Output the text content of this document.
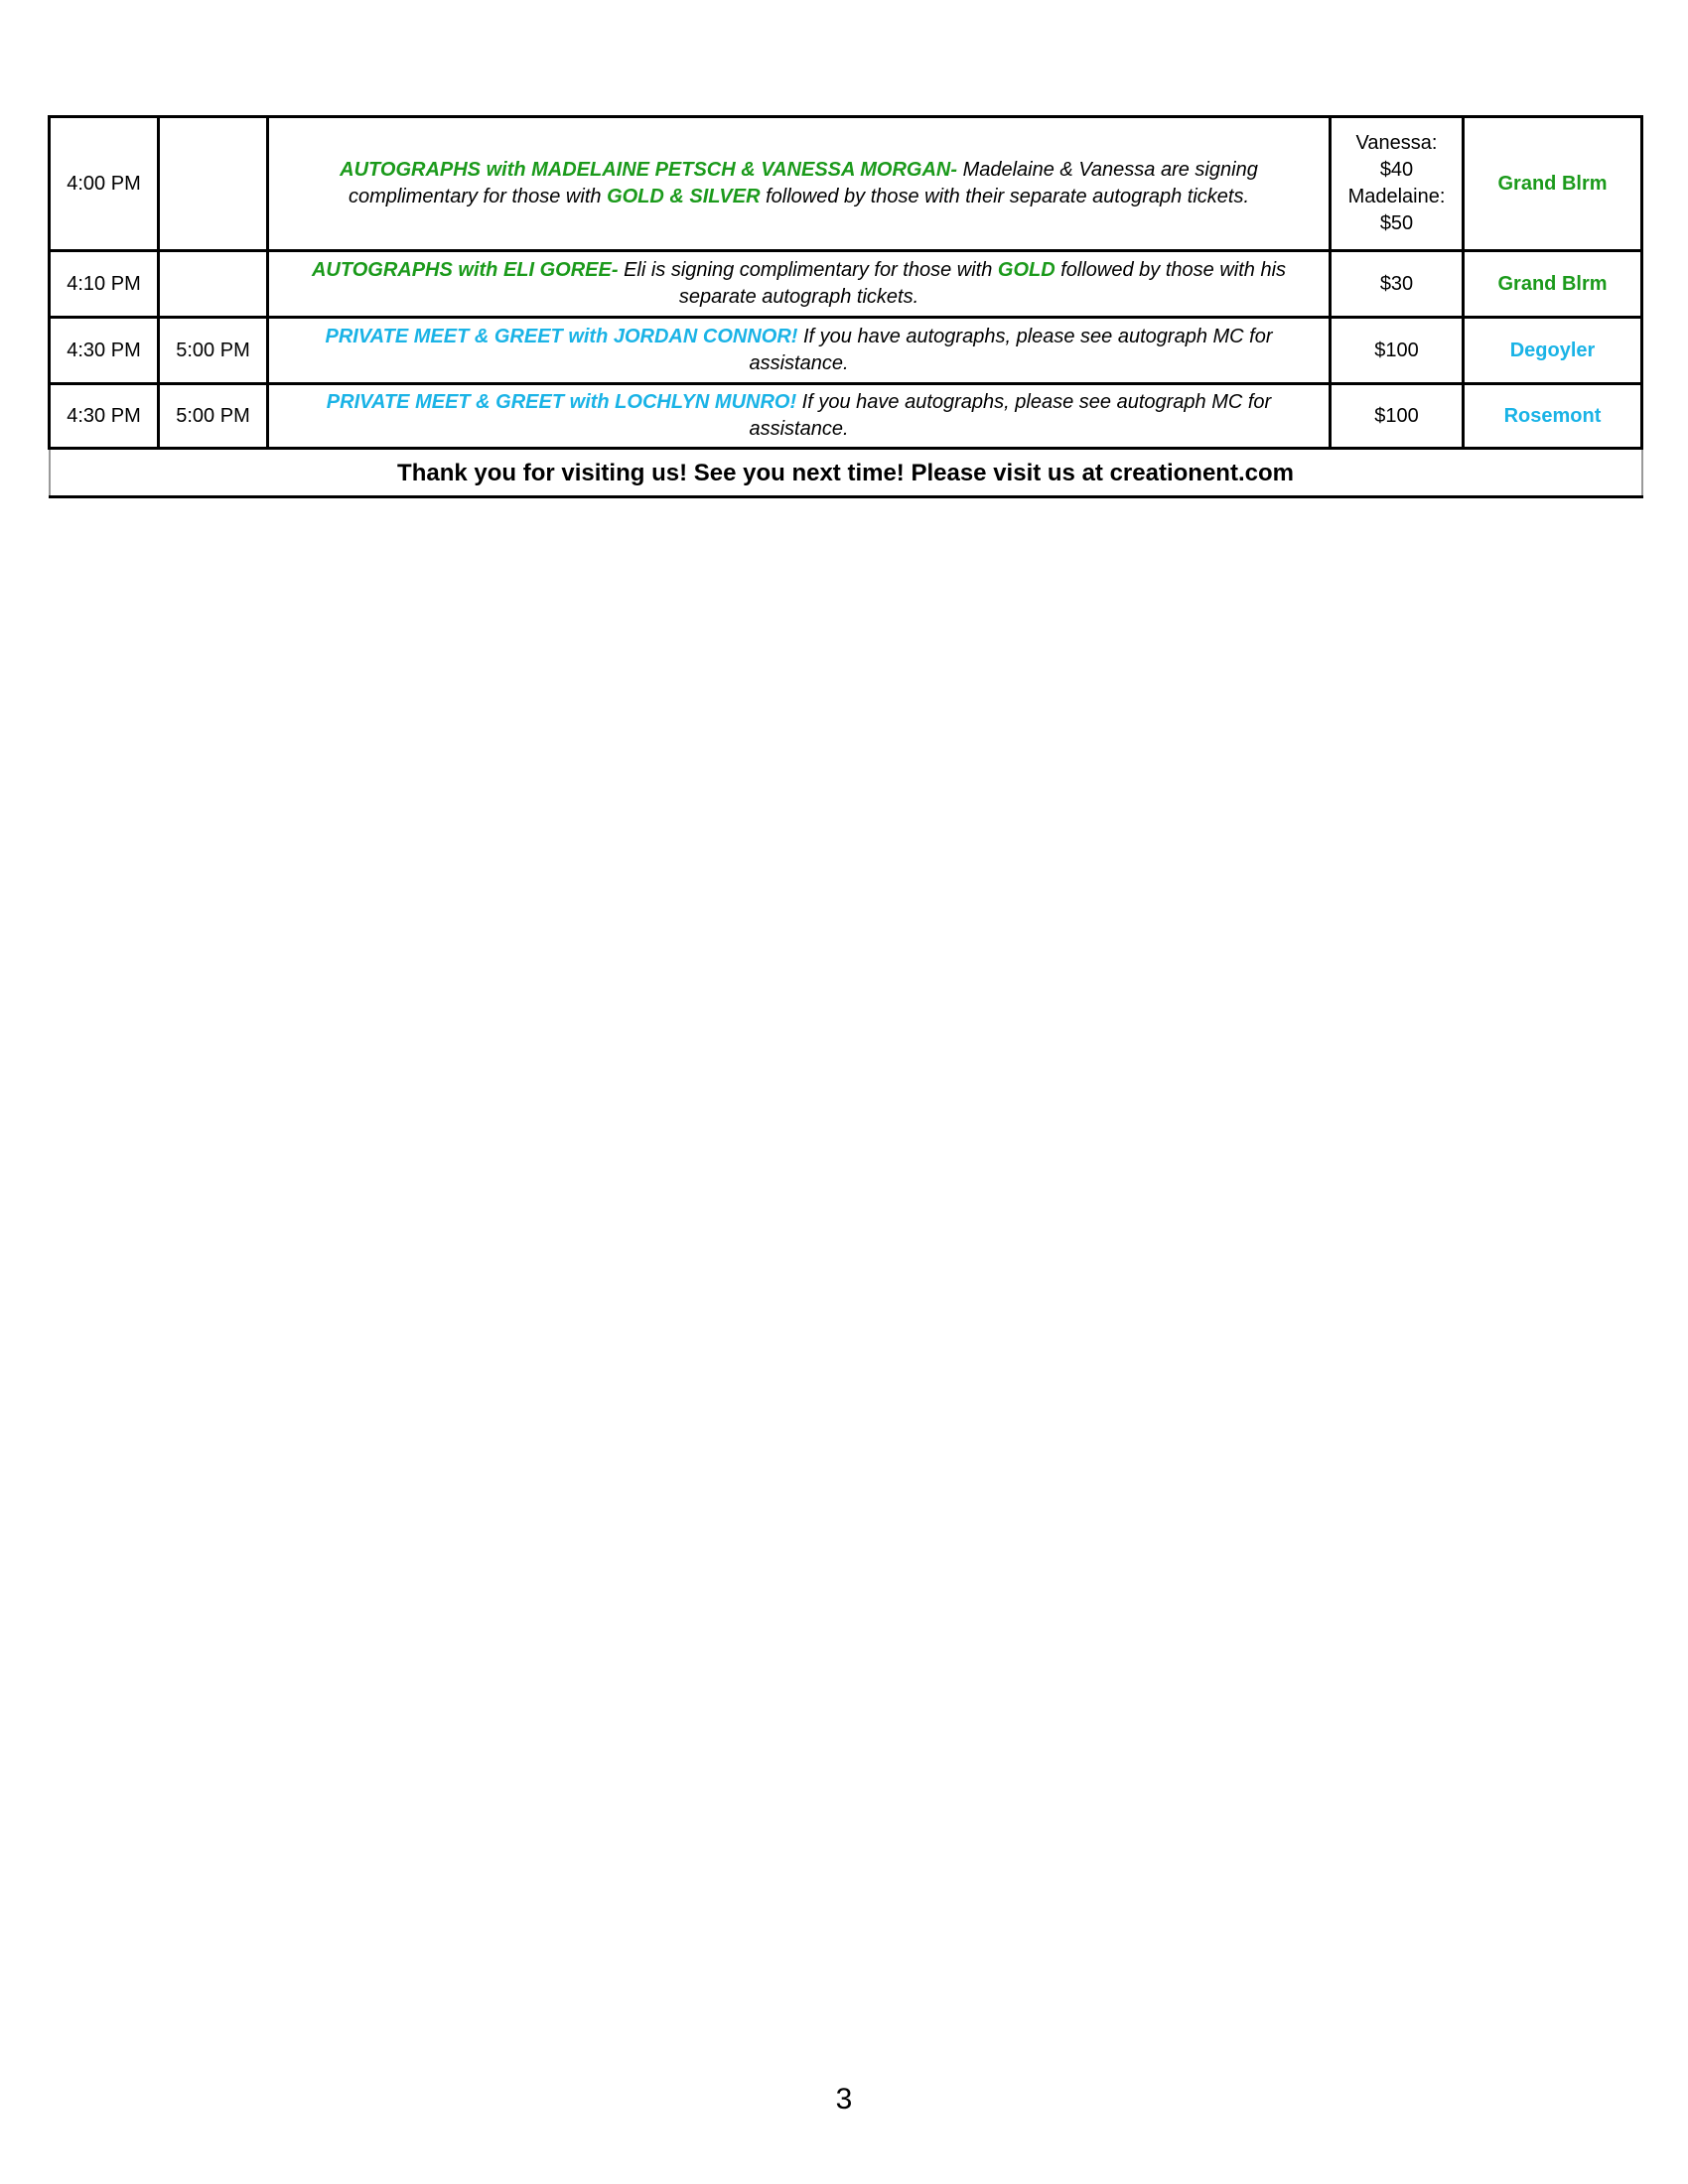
4:00 PM		AUTOGRAPHS with MADELAINE PETSCH & VANESSA MORGAN- Madelaine & Vanessa are signing complimentary for those with GOLD & SILVER followed by those with their separate autograph tickets.	Vanessa:
$40
Madelaine:
$50	Grand Blrm
4:10 PM		AUTOGRAPHS with ELI GOREE- Eli is signing complimentary for those with GOLD followed by those with his separate autograph tickets.	$30	Grand Blrm
4:30 PM	5:00 PM	PRIVATE MEET & GREET with JORDAN CONNOR! If you have autographs, please see autograph MC for assistance.	$100	Degoyler
4:30 PM	5:00 PM	PRIVATE MEET & GREET with LOCHLYN MUNRO! If you have autographs, please see autograph MC for assistance.	$100	Rosemont
Thank you for visiting us! See you next time! Please visit us at creationent.com				
3
